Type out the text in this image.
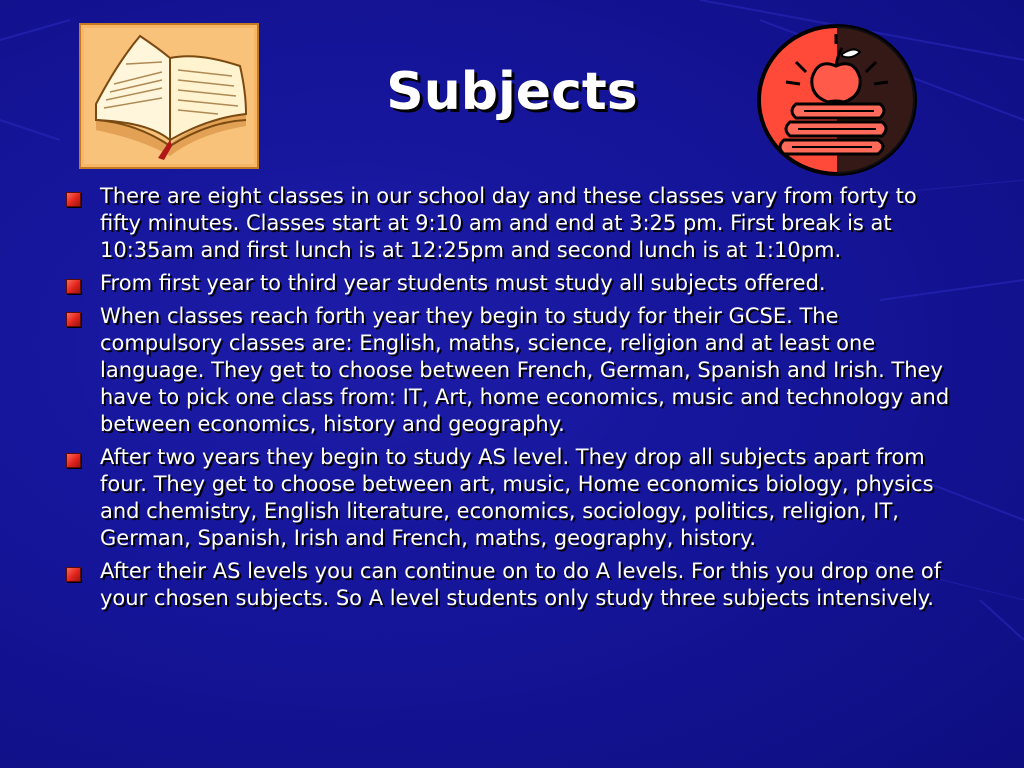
Subjects
There are eight classes in our school day and these classes vary from forty to fifty minutes. Classes start at 9:10 am and end at 3:25 pm. First break is at 10:35am and first lunch is at 12:25pm and second lunch is at 1:10pm.
From first year to third year students must study all subjects offered.
When classes reach forth year they begin to study for their GCSE. The compulsory classes are: English, maths, science, religion and at least one language. They get to choose between French, German, Spanish and Irish. They have to pick one class from: IT, Art, home economics, music and technology and between economics, history and geography.
After two years they begin to study AS level. They drop all subjects apart from four. They get to choose between art, music, Home economics biology, physics and chemistry, English literature, economics, sociology, politics, religion, IT, German, Spanish, Irish and French, maths, geography, history.
After their AS levels you can continue on to do A levels. For this you drop one of your chosen subjects. So A level students only study three subjects intensively.
